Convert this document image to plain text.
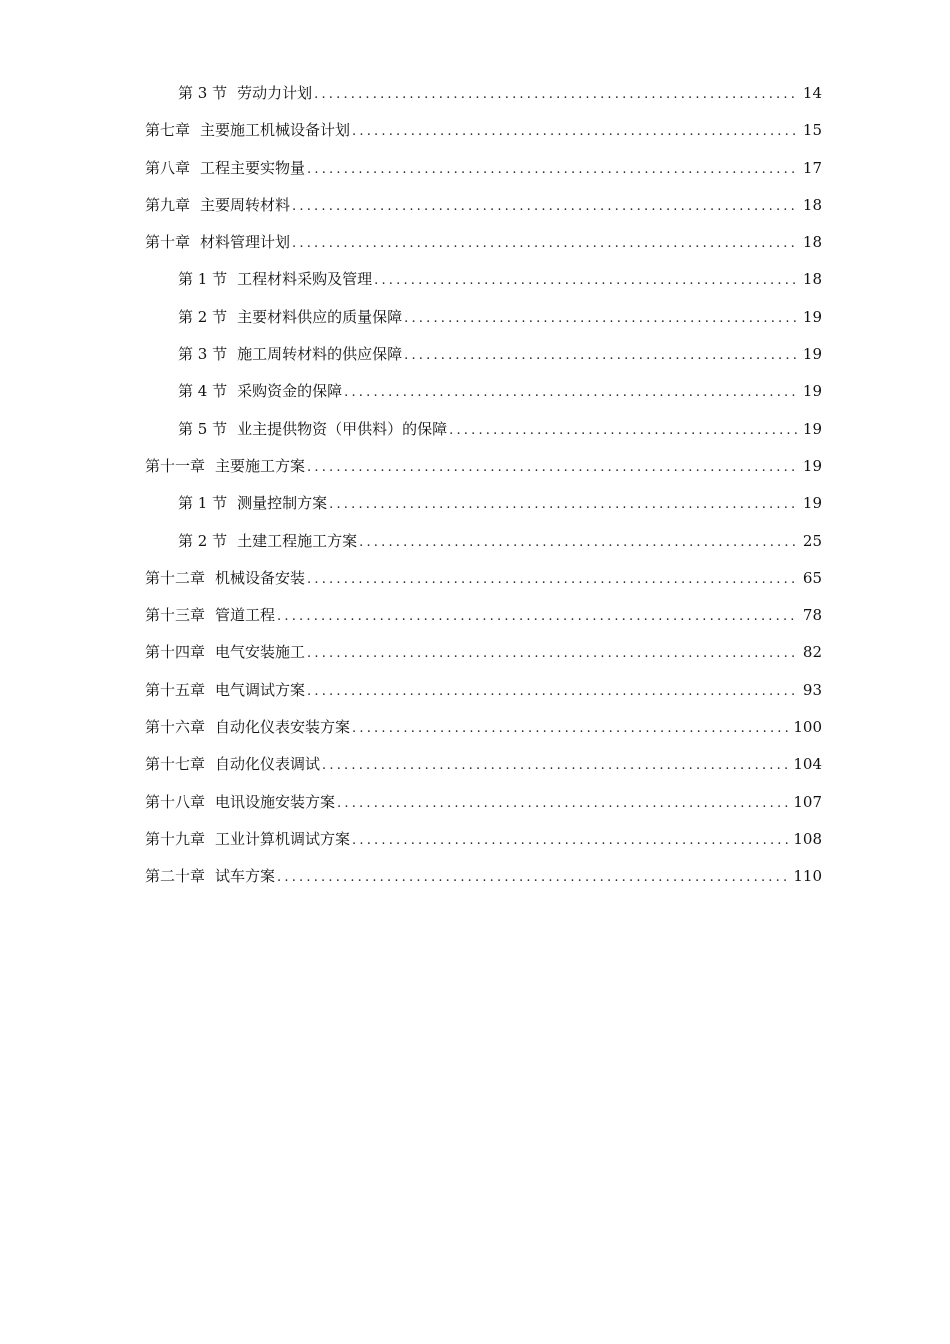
第 3 节 劳动力计划 .....	14
第七章 主要施工机械设备计划 .....	15
第八章 工程主要实物量 .....	17
第九章 主要周转材料 .....	18
第十章 材料管理计划 .....	18
第 1 节 工程材料采购及管理 .....	18
第 2 节 主要材料供应的质量保障 .....	19
第 3 节 施工周转材料的供应保障 .....	19
第 4 节 采购资金的保障 .....	19
第 5 节 业主提供物资（甲供料）的保障 .....	19
第十一章 主要施工方案 .....	19
第 1 节 测量控制方案 .....	19
第 2 节 土建工程施工方案 .....	25
第十二章 机械设备安装 .....	65
第十三章 管道工程 .....	78
第十四章 电气安装施工 .....	82
第十五章 电气调试方案 .....	93
第十六章 自动化仪表安装方案 .....	100
第十七章 自动化仪表调试 .....	104
第十八章 电讯设施安装方案 .....	107
第十九章 工业计算机调试方案 .....	108
第二十章 试车方案 .....	110
